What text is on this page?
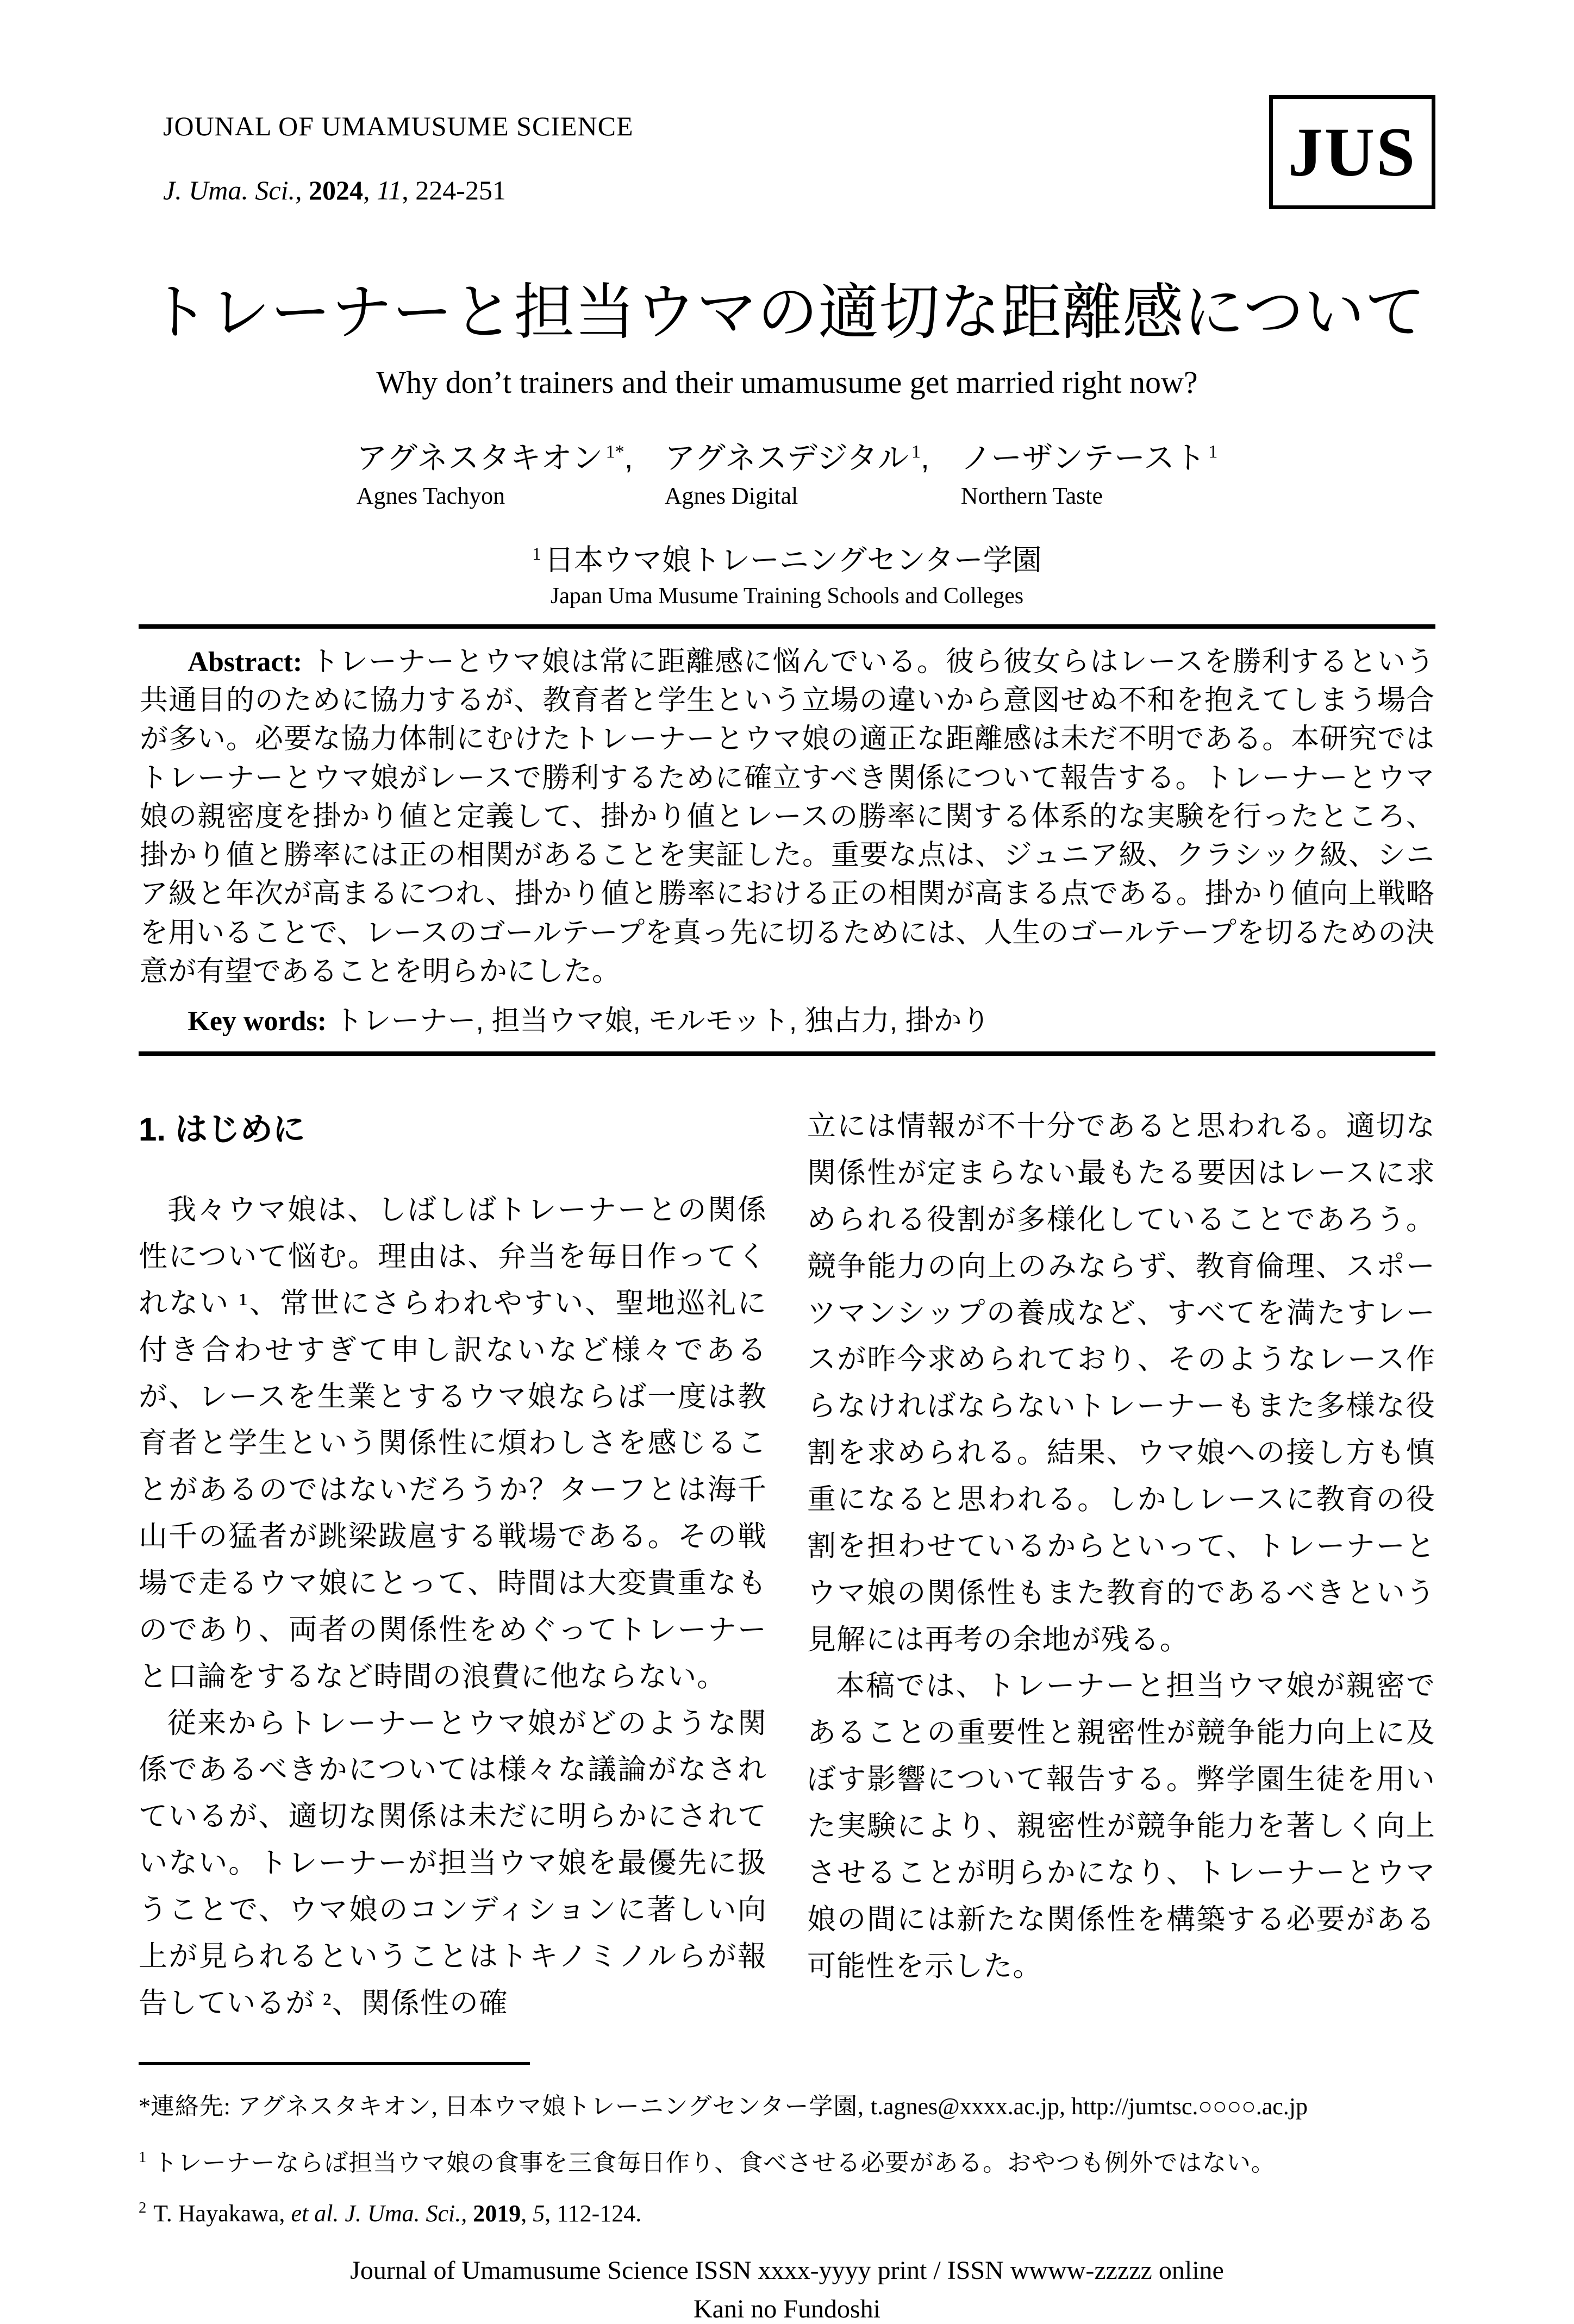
JOUNAL OF UMAMUSUME SCIENCE
J. Uma. Sci., 2024, 11, 224-251	JUS
トレーナーと担当ウマの適切な距離感について
Why don’t trainers and their umamusume get married right now?
アグネスタキオン $^{1*}$,
Agnes Tachyon
アグネスデジタル $^1$,
Agnes Digital
ノーザンテースト $^1$
Northern Taste
$^1$ 日本ウマ娘トレーニングセンター学園
Japan Uma Musume Training Schools and Colleges

Abstract: トレーナーとウマ娘は常に距離感に悩んでいる。彼ら彼女らはレースを勝利するという共通目的のために協力するが、教育者と学生という立場の違いから意図せぬ不和を抱えてしまう場合が多い。必要な協力体制にむけたトレーナーとウマ娘の適正な距離感は未だ不明である。本研究ではトレーナーとウマ娘がレースで勝利するために確立すべき関係について報告する。トレーナーとウマ娘の親密度を掛かり値と定義して、掛かり値とレースの勝率に関する体系的な実験を行ったところ、掛かり値と勝率には正の相関があることを実証した。重要な点は、ジュニア級、クラシック級、シニア級と年次が高まるにつれ、掛かり値と勝率における正の相関が高まる点である。掛かり値向上戦略を用いることで、レースのゴールテープを真っ先に切るためには、人生のゴールテープを切るための決意が有望であることを明らかにした。

Key words: トレーナー, 担当ウマ娘, モルモット, 独占力, 掛かり

1. はじめに

我々ウマ娘は、しばしばトレーナーとの関係性について悩む。理由は、弁当を毎日作ってくれない ¹、常世にさらわれやすい、聖地巡礼に付き合わせすぎて申し訳ないなど様々であるが、レースを生業とするウマ娘ならば一度は教育者と学生という関係性に煩わしさを感じることがあるのではないだろうか？ターフとは海千山千の猛者が跳梁跋扈する戦場である。その戦場で走るウマ娘にとって、時間は大変貴重なものであり、両者の関係性をめぐってトレーナーと口論をするなど時間の浪費に他ならない。

従来からトレーナーとウマ娘がどのような関係であるべきかについては様々な議論がなされているが、適切な関係は未だに明らかにされていない。トレーナーが担当ウマ娘を最優先に扱うことで、ウマ娘のコンディションに著しい向上が見られるということはトキノミノルらが報告しているが ²、関係性の確

立には情報が不十分であると思われる。適切な関係性が定まらない最もたる要因はレースに求められる役割が多様化していることであろう。競争能力の向上のみならず、教育倫理、スポーツマンシップの養成など、すべてを満たすレースが昨今求められており、そのようなレース作らなければならないトレーナーもまた多様な役割を求められる。結果、ウマ娘への接し方も慎重になると思われる。しかしレースに教育の役割を担わせているからといって、トレーナーとウマ娘の関係性もまた教育的であるべきという見解には再考の余地が残る。

本稿では、トレーナーと担当ウマ娘が親密であることの重要性と親密性が競争能力向上に及ぼす影響について報告する。弊学園生徒を用いた実験により、親密性が競争能力を著しく向上させることが明らかになり、トレーナーとウマ娘の間には新たな関係性を構築する必要がある可能性を示した。

*連絡先: アグネスタキオン, 日本ウマ娘トレーニングセンター学園, t.agnes@xxxx.ac.jp, http://jumtsc.○○○○.ac.jp
$^1$ トレーナーならば担当ウマ娘の食事を三食毎日作り、食べさせる必要がある。おやつも例外ではない。
$^2$ T. Hayakawa, et al. J. Uma. Sci., 2019, 5, 112-124.
Journal of Umamusume Science ISSN xxxx-yyyy print / ISSN wwww-zzzzz online
Kani no Fundoshi
